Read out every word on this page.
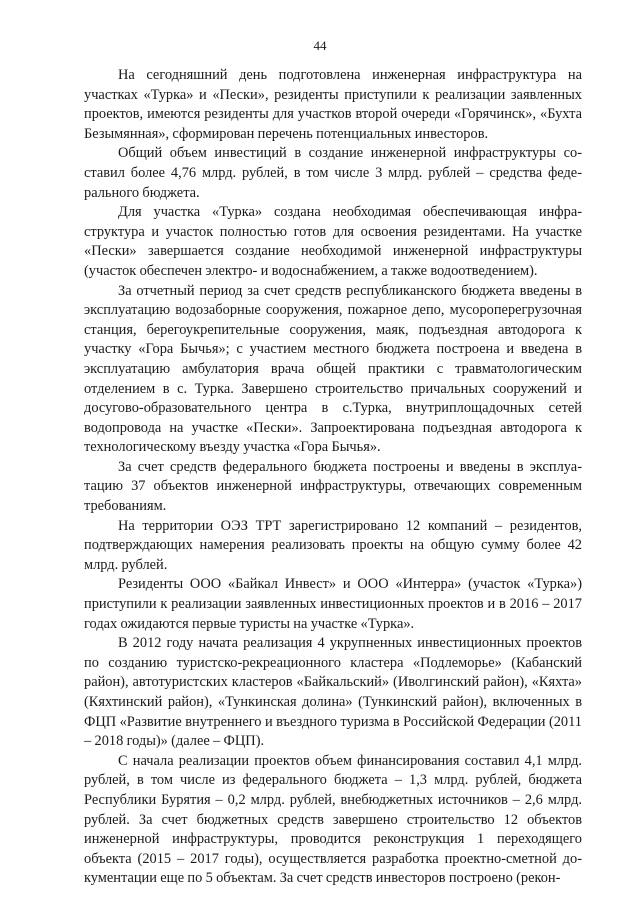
44

На сегодняшний день подготовлена инженерная инфраструктура на участках «Турка» и «Пески», резиденты приступили к реализации заявленных проектов, имеются резиденты для участков второй очереди «Горячинск», «Бухта Безымянная», сформирован перечень потенциальных инвесторов.

Общий объем инвестиций в создание инженерной инфраструктуры составил более 4,76 млрд. рублей, в том числе 3 млрд. рублей – средства федерального бюджета.

Для участка «Турка» создана необходимая обеспечивающая инфраструктура и участок полностью готов для освоения резидентами. На участке «Пески» завершается создание необходимой инженерной инфраструктуры (участок обеспечен электро- и водоснабжением, а также водоотведением).

За отчетный период за счет средств республиканского бюджета введены в эксплуатацию водозаборные сооружения, пожарное депо, мусороперегрузочная станция, берегоукрепительные сооружения, маяк, подъездная автодорога к участку «Гора Бычья»; с участием местного бюджета построена и введена в эксплуатацию амбулатория врача общей практики с травматологическим отделением в с. Турка. Завершено строительство причальных сооружений и досугово-образовательного центра в с.Турка, внутриплощадочных сетей водопровода на участке «Пески». Запроектирована подъездная автодорога к технологическому въезду участка «Гора Бычья».

За счет средств федерального бюджета построены и введены в эксплуатацию 37 объектов инженерной инфраструктуры, отвечающих современным требованиям.

На территории ОЭЗ ТРТ зарегистрировано 12 компаний – резидентов, подтверждающих намерения реализовать проекты на общую сумму более 42 млрд. рублей.

Резиденты ООО «Байкал Инвест» и ООО «Интерра» (участок «Турка») приступили к реализации заявленных инвестиционных проектов и в 2016 – 2017 годах ожидаются первые туристы на участке «Турка».

В 2012 году начата реализация 4 укрупненных инвестиционных проектов по созданию туристско-рекреационного кластера «Подлеморье» (Кабанский район), автотуристских кластеров «Байкальский» (Иволгинский район), «Кяхта» (Кяхтинский район), «Тункинская долина» (Тункинский район), включенных в ФЦП «Развитие внутреннего и въездного туризма в Российской Федерации (2011 – 2018 годы)» (далее – ФЦП).

С начала реализации проектов объем финансирования составил 4,1 млрд. рублей, в том числе из федерального бюджета – 1,3 млрд. рублей, бюджета Республики Бурятия – 0,2 млрд. рублей, внебюджетных источников – 2,6 млрд. рублей. За счет бюджетных средств завершено строительство 12 объектов инженерной инфраструктуры, проводится реконструкция 1 переходящего объекта (2015 – 2017 годы), осуществляется разработка проектно-сметной документации еще по 5 объектам. За счет средств инвесторов построено (рекон-
